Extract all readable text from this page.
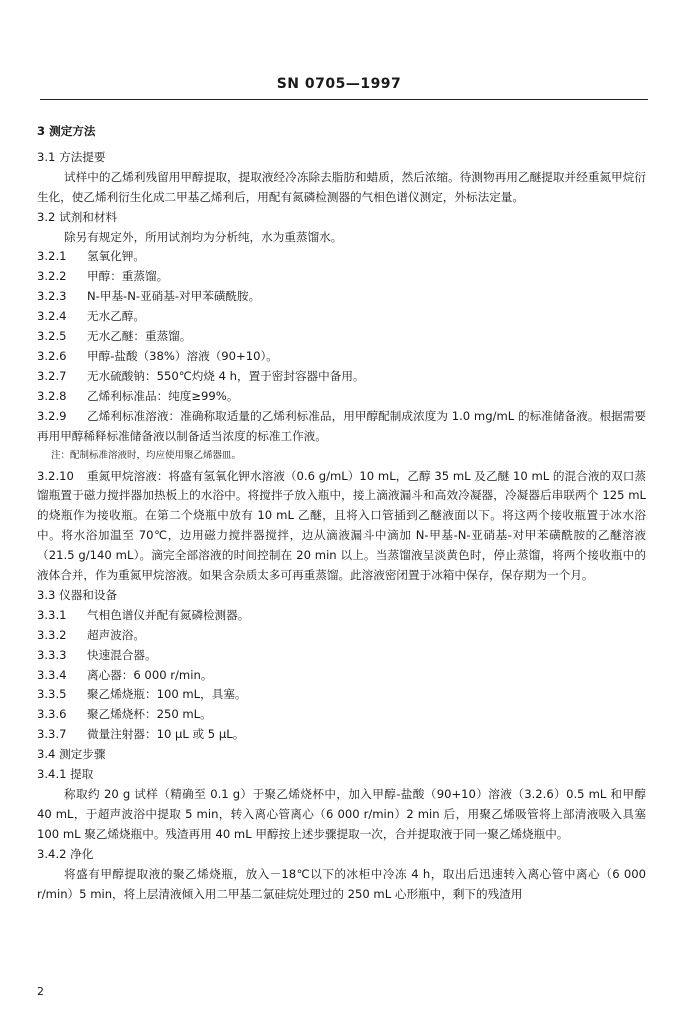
SN 0705—1997
3 测定方法
3.1 方法提要
试样中的乙烯利残留用甲醇提取，提取液经冷冻除去脂肪和蜡质，然后浓缩。待测物再用乙醚提取并经重氮甲烷衍生化，使乙烯利衍生化成二甲基乙烯利后，用配有氮磷检测器的气相色谱仪测定，外标法定量。
3.2 试剂和材料
除另有规定外，所用试剂均为分析纯，水为重蒸馏水。
3.2.1 氢氧化钾。
3.2.2 甲醇：重蒸馏。
3.2.3 N-甲基-N-亚硝基-对甲苯磺酰胺。
3.2.4 无水乙醇。
3.2.5 无水乙醚：重蒸馏。
3.2.6 甲醇-盐酸（38%）溶液（90+10）。
3.2.7 无水硫酸钠：550℃灼烧 4 h，置于密封容器中备用。
3.2.8 乙烯利标准品：纯度≥99%。
3.2.9 乙烯利标准溶液：准确称取适量的乙烯利标准品，用甲醇配制成浓度为 1.0 mg/mL 的标准储备液。根据需要再用甲醇稀释标准储备液以制备适当浓度的标准工作液。
注：配制标准溶液时，均应使用聚乙烯器皿。
3.2.10 重氮甲烷溶液：将盛有氢氧化钾水溶液（0.6 g/mL）10 mL，乙醇 35 mL 及乙醚 10 mL 的混合液的双口蒸馏瓶置于磁力搅拌器加热板上的水浴中。将搅拌子放入瓶中，接上滴液漏斗和高效冷凝器，冷凝器后串联两个 125 mL 的烧瓶作为接收瓶。在第二个烧瓶中放有 10 mL 乙醚，且将入口管插到乙醚液面以下。将这两个接收瓶置于冰水浴中。将水浴加温至 70℃，边用磁力搅拌器搅拌，边从滴液漏斗中滴加 N-甲基-N-亚硝基-对甲苯磺酰胺的乙醚溶液（21.5 g/140 mL）。滴完全部溶液的时间控制在 20 min 以上。当蒸馏液呈淡黄色时，停止蒸馏，将两个接收瓶中的液体合并，作为重氮甲烷溶液。如果含杂质太多可再重蒸馏。此溶液密闭置于冰箱中保存，保存期为一个月。
3.3 仪器和设备
3.3.1 气相色谱仪并配有氮磷检测器。
3.3.2 超声波浴。
3.3.3 快速混合器。
3.3.4 离心器：6 000 r/min。
3.3.5 聚乙烯烧瓶：100 mL，具塞。
3.3.6 聚乙烯烧杯：250 mL。
3.3.7 微量注射器：10 μL 或 5 μL。
3.4 测定步骤
3.4.1 提取
称取约 20 g 试样（精确至 0.1 g）于聚乙烯烧杯中，加入甲醇-盐酸（90+10）溶液（3.2.6）0.5 mL 和甲醇 40 mL，于超声波浴中提取 5 min，转入离心管离心（6 000 r/min）2 min 后，用聚乙烯吸管将上部清液吸入具塞 100 mL 聚乙烯烧瓶中。残渣再用 40 mL 甲醇按上述步骤提取一次，合并提取液于同一聚乙烯烧瓶中。
3.4.2 净化
将盛有甲醇提取液的聚乙烯烧瓶，放入－18℃以下的冰柜中冷冻 4 h，取出后迅速转入离心管中离心（6 000 r/min）5 min，将上层清液倾入用二甲基二氯硅烷处理过的 250 mL 心形瓶中，剩下的残渣用
2
